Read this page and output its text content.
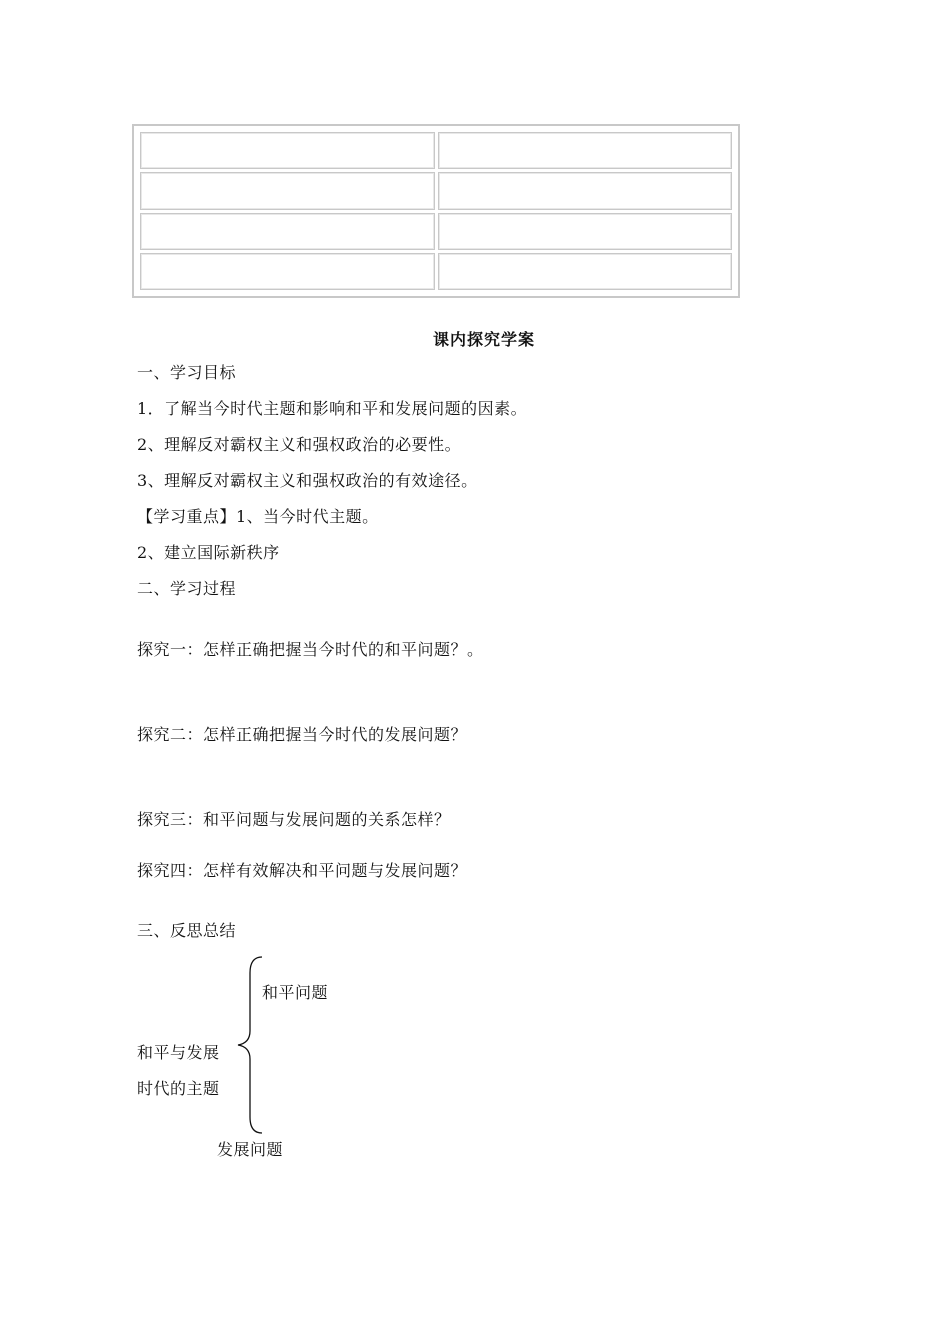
课内探究学案
一、学习目标
1．了解当今时代主题和影响和平和发展问题的因素。
2、理解反对霸权主义和强权政治的必要性。
3、理解反对霸权主义和强权政治的有效途径。
【学习重点】1、当今时代主题。
2、建立国际新秩序
二、学习过程
探究一：怎样正确把握当今时代的和平问题？。
探究二：怎样正确把握当今时代的发展问题？
探究三：和平问题与发展问题的关系怎样？
探究四：怎样有效解决和平问题与发展问题？
三、反思总结
和平问题
和平与发展
时代的主题
发展问题
